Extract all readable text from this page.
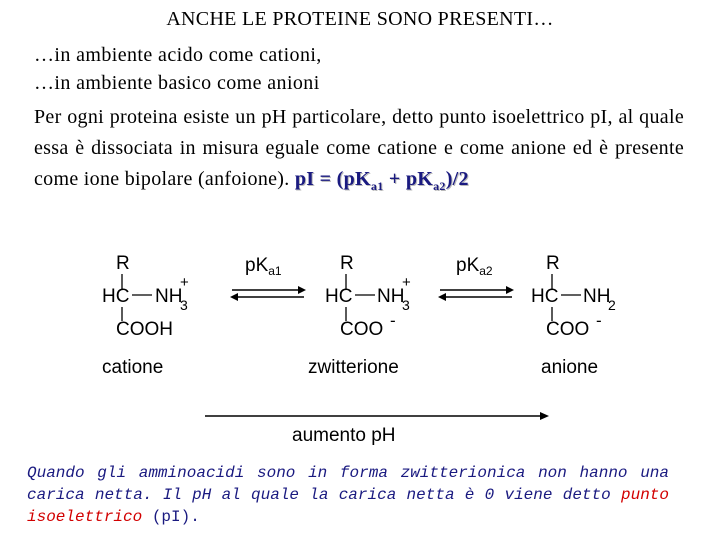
ANCHE LE PROTEINE SONO PRESENTI…
…in ambiente acido come cationi,
…in ambiente basico come anioni
Per ogni proteina esiste un pH particolare, detto punto isoelettrico pI, al quale essa è dissociata in misura eguale come catione e come anione ed è presente come ione bipolare (anfoione). pI = $(pK_{a1} + pK_{a2})/2$
R
HC NH
3
+
COOH
catione
$pK_{a1}$	R
HC NH
3
+
COO -
zwitterione
$pK_{a2}$	R
HC NH
2
COO -
anione
aumento pH
Quando gli amminoacidi sono in forma zwitterionica non hanno una carica netta. Il pH al quale la carica netta è 0 viene detto punto isoelettrico (pI).
